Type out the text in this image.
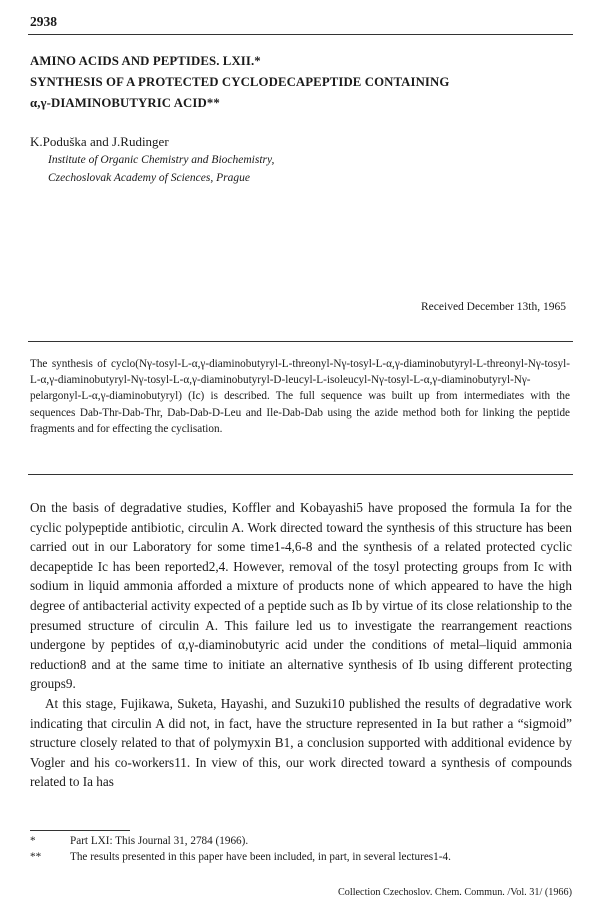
2938
AMINO ACIDS AND PEPTIDES. LXII.*
SYNTHESIS OF A PROTECTED CYCLODECAPEPTIDE CONTAINING
α,γ-DIAMINOBUTYRIC ACID**
K.Poduška and J.Rudinger
Institute of Organic Chemistry and Biochemistry,
Czechoslovak Academy of Sciences, Prague
Received December 13th, 1965
The synthesis of cyclo(Nγ-tosyl-L-α,γ-diaminobutyryl-L-threonyl-Nγ-tosyl-L-α,γ-diaminobutyryl-L-threonyl-Nγ-tosyl-L-α,γ-diaminobutyryl-Nγ-tosyl-L-α,γ-diaminobutyryl-D-leucyl-L-isoleucyl-Nγ-tosyl-L-α,γ-diaminobutyryl-Nγ-pelargonyl-L-α,γ-diaminobutyryl) (Ic) is described. The full sequence was built up from intermediates with the sequences Dab-Thr-Dab-Thr, Dab-Dab-D-Leu and Ile-Dab-Dab using the azide method both for linking the peptide fragments and for effecting the cyclisation.
On the basis of degradative studies, Koffler and Kobayashi5 have proposed the formula Ia for the cyclic polypeptide antibiotic, circulin A. Work directed toward the synthesis of this structure has been carried out in our Laboratory for some time1-4,6-8 and the synthesis of a related protected cyclic decapeptide Ic has been reported2,4. However, removal of the tosyl protecting groups from Ic with sodium in liquid ammonia afforded a mixture of products none of which appeared to have the high degree of antibacterial activity expected of a peptide such as Ib by virtue of its close relationship to the presumed structure of circulin A. This failure led us to investigate the rearrangement reactions undergone by peptides of α,γ-diaminobutyric acid under the conditions of metal–liquid ammonia reduction8 and at the same time to initiate an alternative synthesis of Ib using different protecting groups9.
At this stage, Fujikawa, Suketa, Hayashi, and Suzuki10 published the results of degradative work indicating that circulin A did not, in fact, have the structure represented in Ia but rather a “sigmoid” structure closely related to that of polymyxin B1, a conclusion supported with additional evidence by Vogler and his co-workers11. In view of this, our work directed toward a synthesis of compounds related to Ia has
*	Part LXI: This Journal 31, 2784 (1966).
**	The results presented in this paper have been included, in part, in several lectures1-4.
Collection Czechoslov. Chem. Commun. /Vol. 31/ (1966)
